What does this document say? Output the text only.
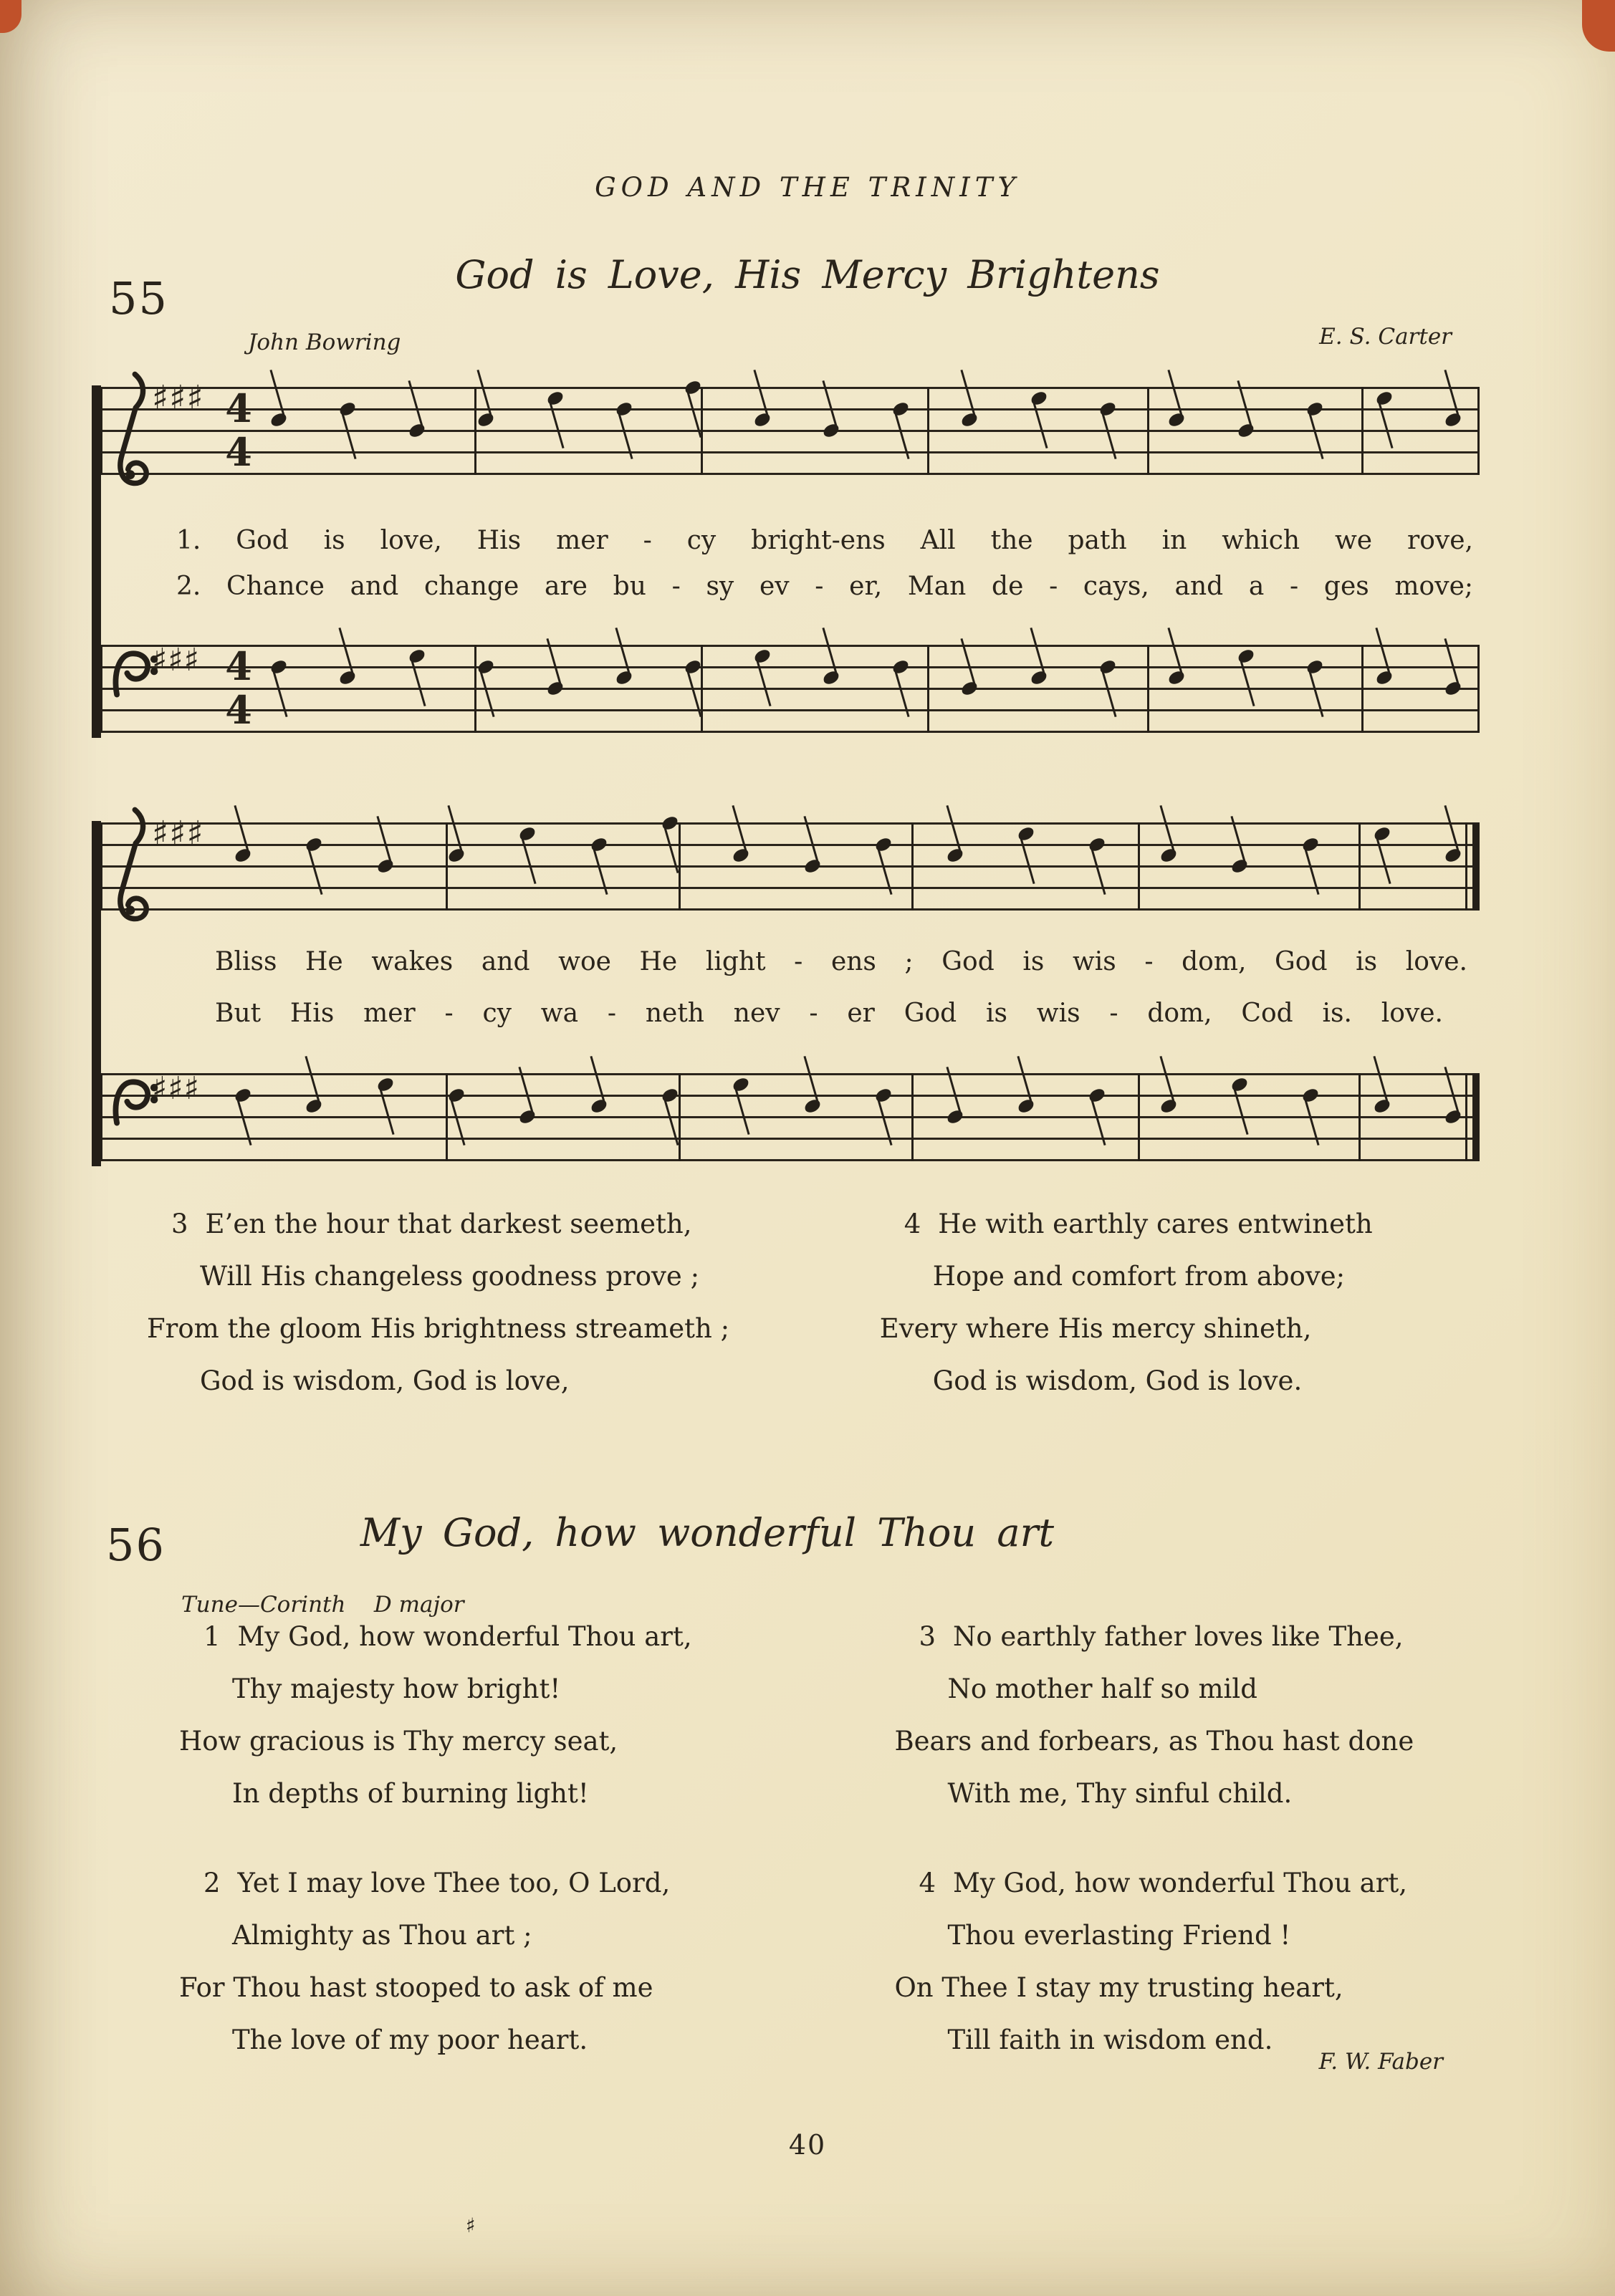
GOD AND THE TRINITY
55	God is Love, His Mercy Brightens
John Bowring	E. S. Carter
♯♯♯ 4
4
1. God is love, His mer - cy bright-ens All the path in which we rove,
2. Chance and change are bu - sy ev - er, Man de - cays, and a - ges move;
♯♯♯ 4
4
♯♯♯
Bliss He wakes and woe He light - ens ; God is wis - dom, God is love.
But His mer - cy wa - neth nev - er God is wis - dom, Cod is. love.
♯♯♯
3 E’en the hour that darkest seemeth,
Will His changeless goodness prove ;
From the gloom His brightness streameth ;
God is wisdom, God is love,
4 He with earthly cares entwineth
Hope and comfort from above;
Every where His mercy shineth,
God is wisdom, God is love.
56	My God, how wonderful Thou art
Tune—Corinth    D major
1 My God, how wonderful Thou art,
Thy majesty how bright!
How gracious is Thy mercy seat,
In depths of burning light!
3 No earthly father loves like Thee,
No mother half so mild
Bears and forbears, as Thou hast done
With me, Thy sinful child.
2 Yet I may love Thee too, O Lord,
Almighty as Thou art ;
For Thou hast stooped to ask of me
The love of my poor heart.
4 My God, how wonderful Thou art,
Thou everlasting Friend !
On Thee I stay my trusting heart,
Till faith in wisdom end.
F. W. Faber
40
♯
